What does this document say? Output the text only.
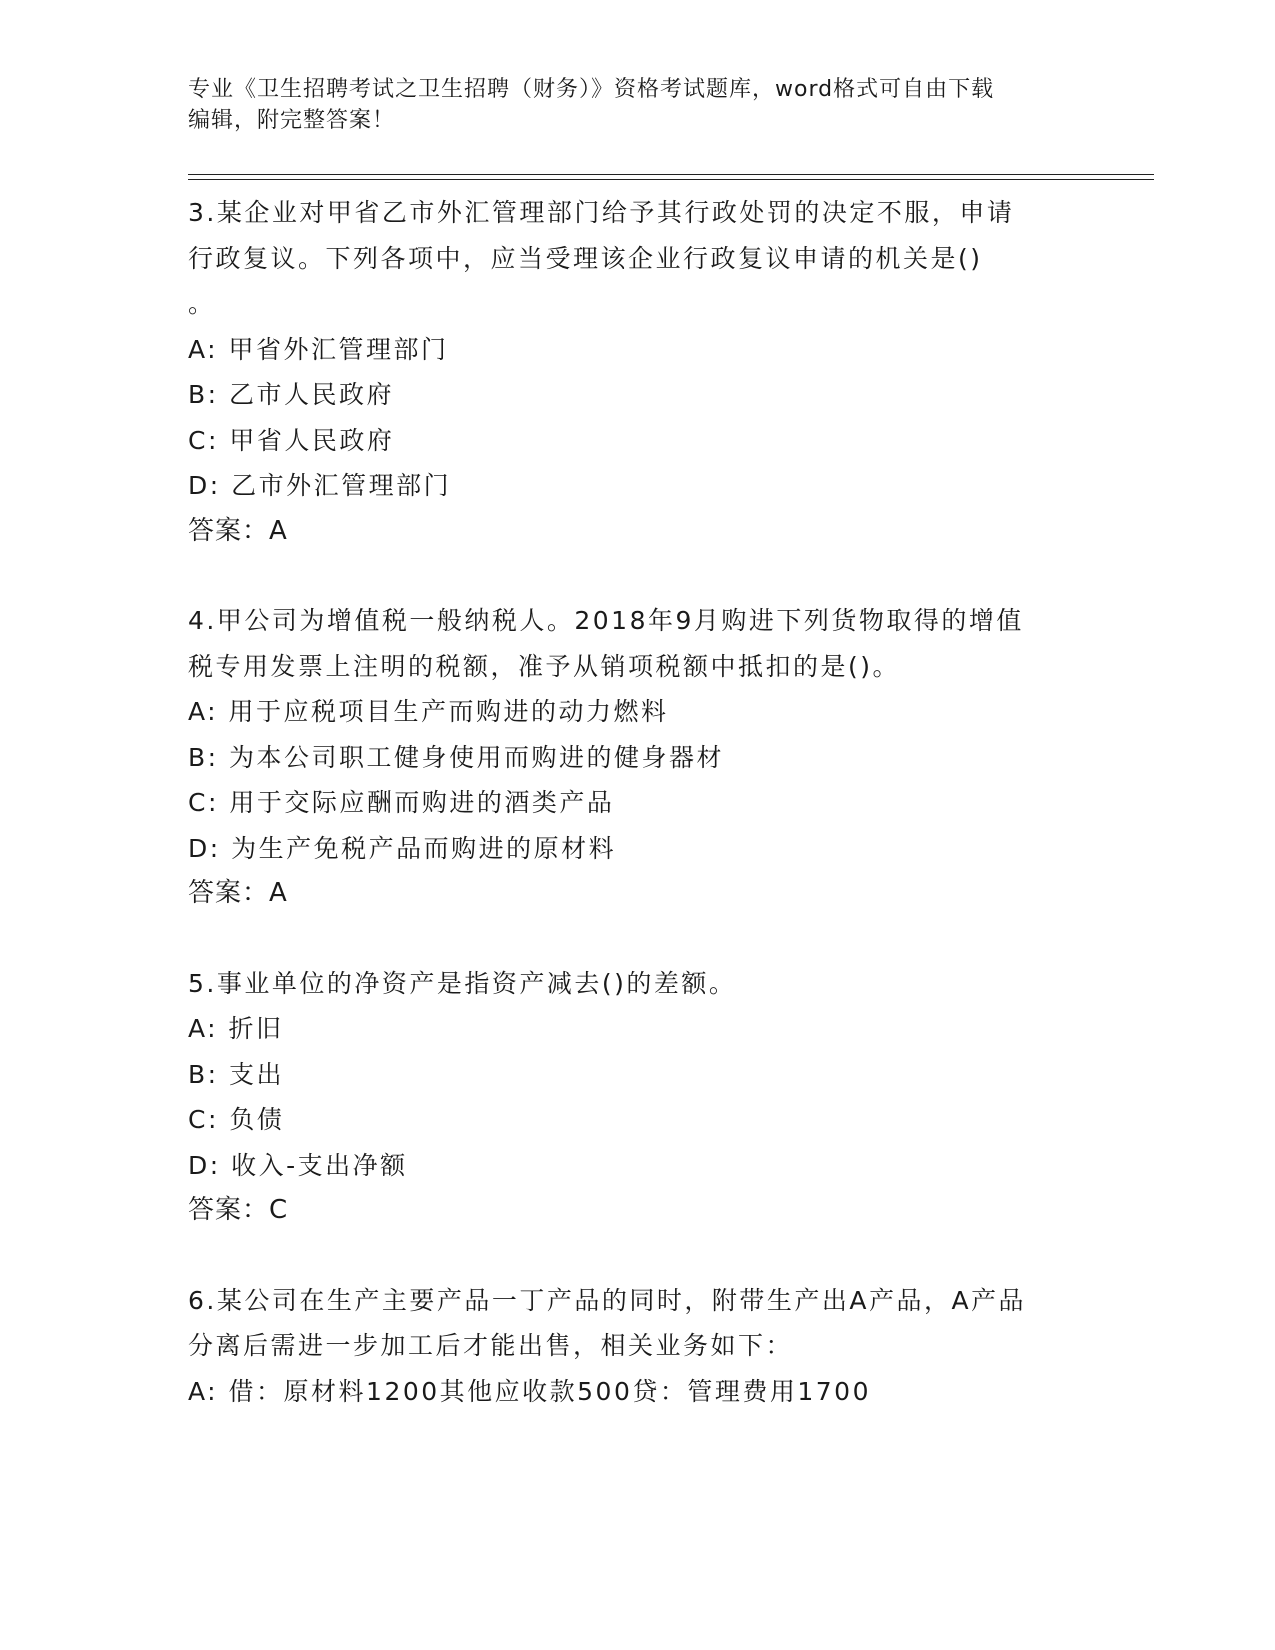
专业《卫生招聘考试之卫生招聘（财务）》资格考试题库，word格式可自由下载
编辑，附完整答案！
3.某企业对甲省乙市外汇管理部门给予其行政处罚的决定不服，申请
行政复议。下列各项中，应当受理该企业行政复议申请的机关是()
。
A: 甲省外汇管理部门
B: 乙市人民政府
C: 甲省人民政府
D: 乙市外汇管理部门
答案：A
4.甲公司为增值税一般纳税人。2018年9月购进下列货物取得的增值
税专用发票上注明的税额，准予从销项税额中抵扣的是()。
A: 用于应税项目生产而购进的动力燃料
B: 为本公司职工健身使用而购进的健身器材
C: 用于交际应酬而购进的酒类产品
D: 为生产免税产品而购进的原材料
答案：A
5.事业单位的净资产是指资产减去()的差额。
A: 折旧
B: 支出
C: 负债
D: 收入-支出净额
答案：C
6.某公司在生产主要产品一丁产品的同时，附带生产出A产品，A产品
分离后需进一步加工后才能出售，相关业务如下：
A: 借：原材料1200其他应收款500贷：管理费用1700
